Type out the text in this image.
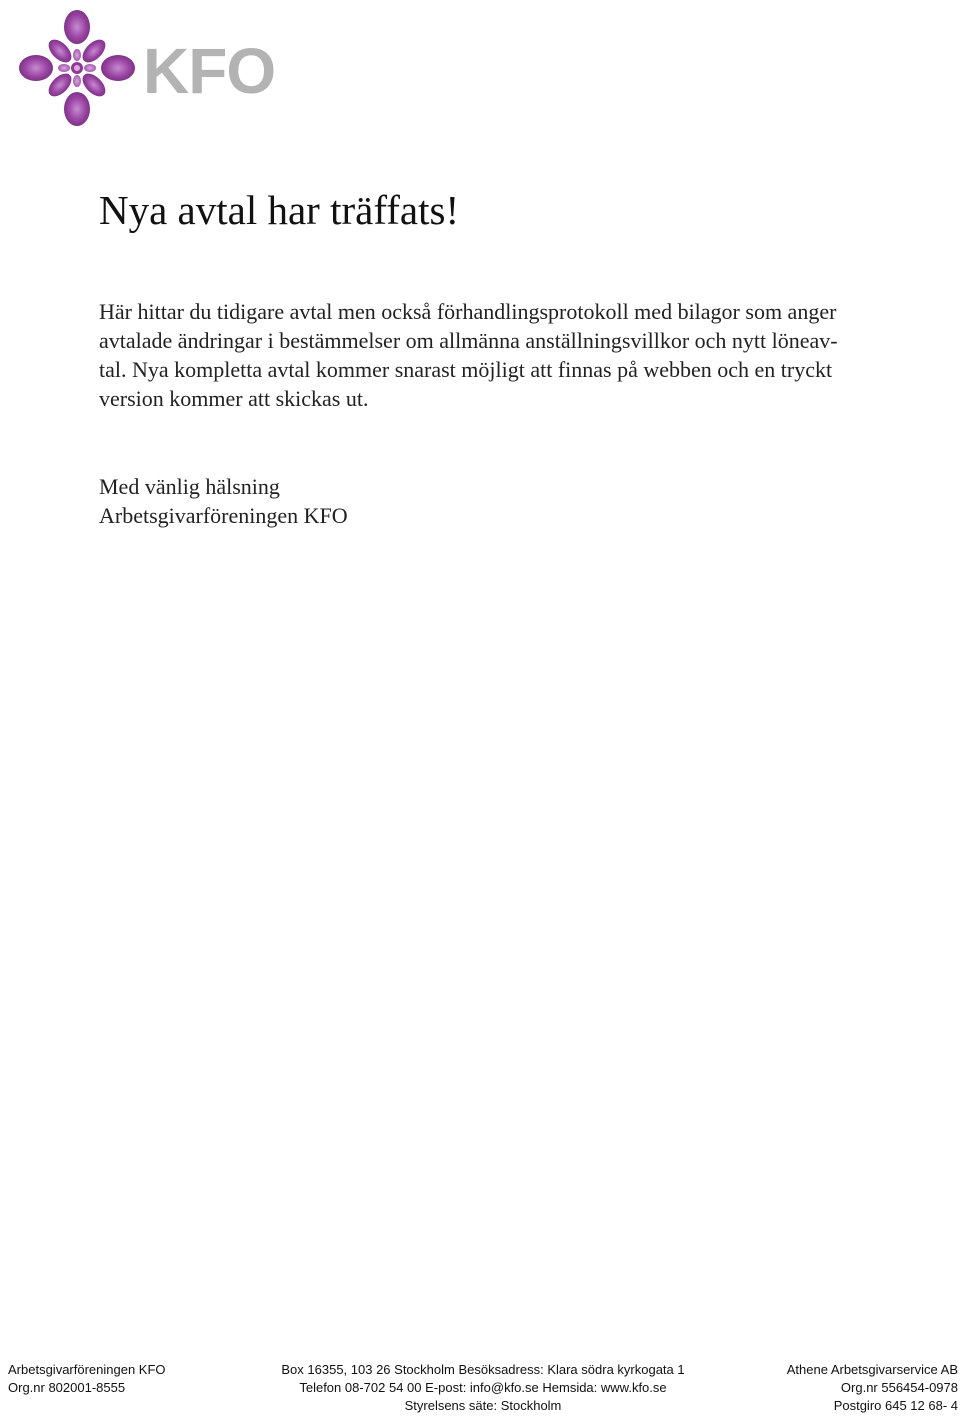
KFO
Nya avtal har träffats!

Här hittar du tidigare avtal men också förhandlingsprotokoll med bilagor som anger
avtalade ändringar i bestämmelser om allmänna anställningsvillkor och nytt löneav-
tal. Nya kompletta avtal kommer snarast möjligt att finnas på webben och en tryckt
version kommer att skickas ut.

Med vänlig hälsning
Arbetsgivarföreningen KFO

Arbetsgivarföreningen KFO
Org.nr 802001-8555
Box 16355, 103 26 Stockholm Besöksadress: Klara södra kyrkogata 1
Telefon 08-702 54 00 E-post: info@kfo.se Hemsida: www.kfo.se
Styrelsens säte: Stockholm
Athene Arbetsgivarservice AB
Org.nr 556454-0978
Postgiro 645 12 68- 4
